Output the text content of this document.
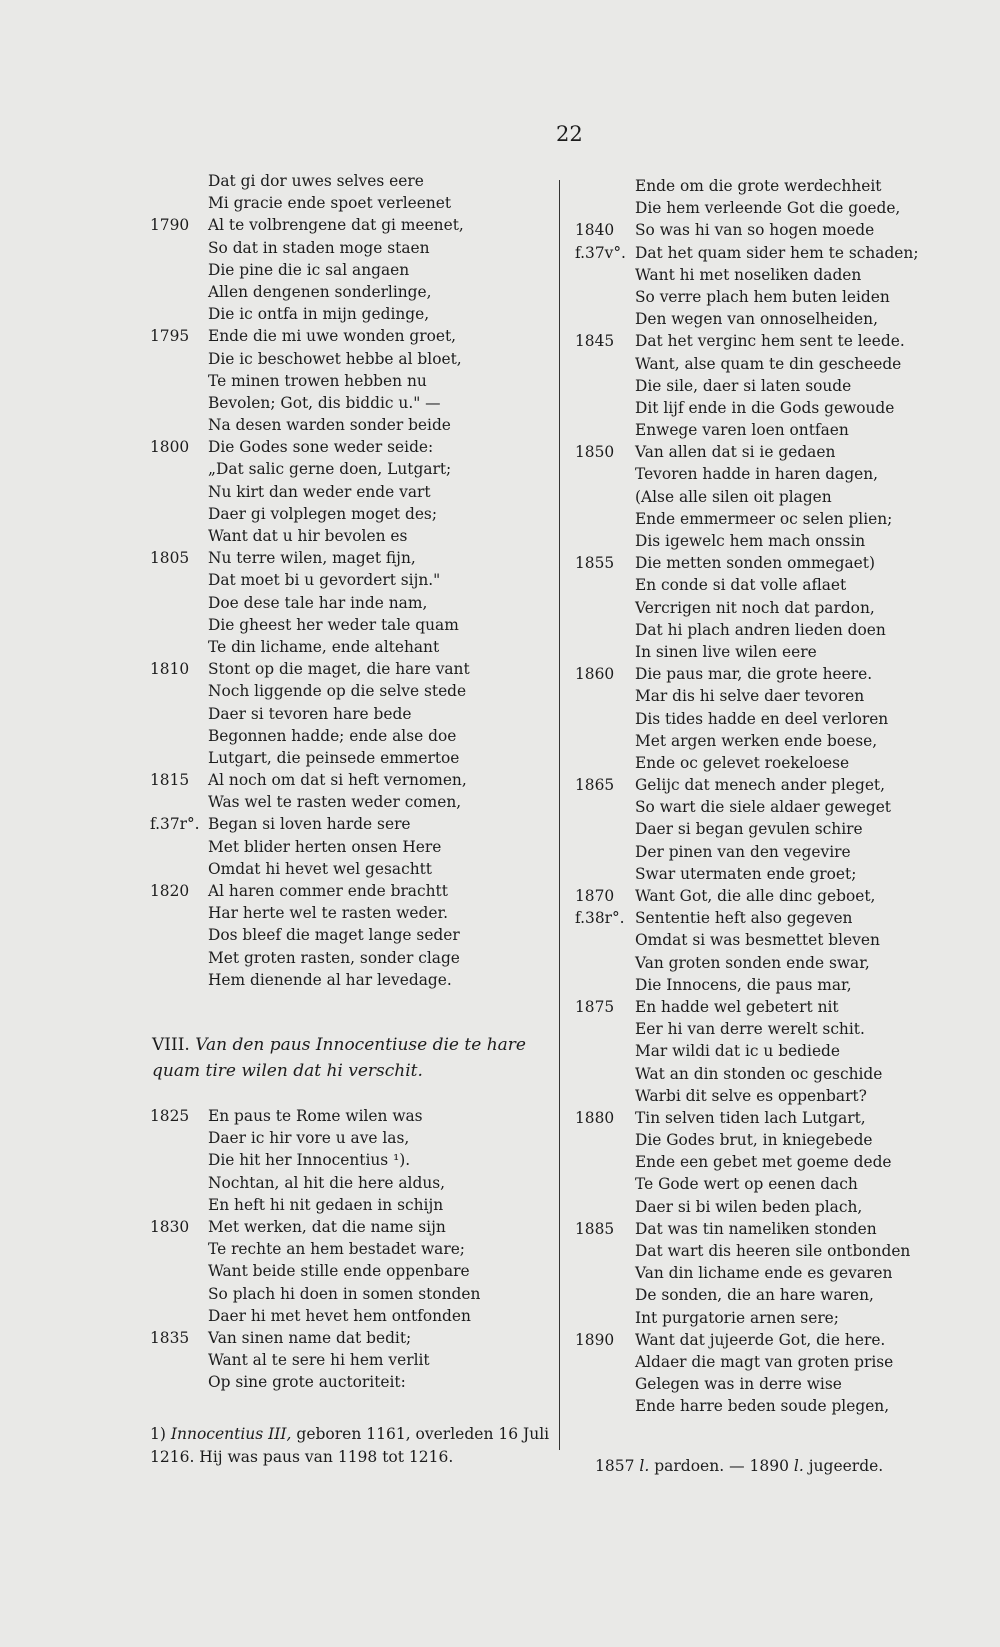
22
Dat gi dor uwes selves eere
Mi gracie ende spoet verleenet
1790	Al te volbrengene dat gi meenet,
So dat in staden moge staen
Die pine die ic sal angaen
Allen dengenen sonderlinge,
Die ic ontfa in mijn gedinge,
1795	Ende die mi uwe wonden groet,
Die ic beschowet hebbe al bloet,
Te minen trowen hebben nu
Bevolen; Got, dis biddic u." —
Na desen warden sonder beide
1800	Die Godes sone weder seide:
„Dat salic gerne doen, Lutgart;
Nu kirt dan weder ende vart
Daer gi volplegen moget des;
Want dat u hir bevolen es
1805	Nu terre wilen, maget fijn,
Dat moet bi u gevordert sijn."
Doe dese tale har inde nam,
Die gheest her weder tale quam
Te din lichame, ende altehant
1810	Stont op die maget, die hare vant
Noch liggende op die selve stede
Daer si tevoren hare bede
Begonnen hadde; ende alse doe
Lutgart, die peinsede emmertoe
1815	Al noch om dat si heft vernomen,
Was wel te rasten weder comen,
f.37r°. Began si loven harde sere
Met blider herten onsen Here
Omdat hi hevet wel gesachtt
1820	Al haren commer ende brachtt
Har herte wel te rasten weder.
Dos bleef die maget lange seder
Met groten rasten, sonder clage
Hem dienende al har levedage.
VIII. Van den paus Innocentiuse die te hare quam tire wilen dat hi verschit.
1825	En paus te Rome wilen was
Daer ic hir vore u ave las,
Die hit her Innocentius ¹).
Nochtan, al hit die here aldus,
En heft hi nit gedaen in schijn
1830	Met werken, dat die name sijn
Te rechte an hem bestadet ware;
Want beide stille ende oppenbare
So plach hi doen in somen stonden
Daer hi met hevet hem ontfonden
1835	Van sinen name dat bedit;
Want al te sere hi hem verlit
Op sine grote auctoriteit:
1) Innocentius III, geboren 1161, overleden 16 Juli 1216. Hij was paus van 1198 tot 1216.
Ende om die grote werdechheit
Die hem verleende Got die goede,
1840	So was hi van so hogen moede
f.37v°. Dat het quam sider hem te schaden;
Want hi met noseliken daden
So verre plach hem buten leiden
Den wegen van onnoselheiden,
1845	Dat het verginc hem sent te leede.
Want, alse quam te din gescheede
Die sile, daer si laten soude
Dit lijf ende in die Gods gewoude
Enwege varen loen ontfaen
1850	Van allen dat si ie gedaen
Tevoren hadde in haren dagen,
(Alse alle silen oit plagen
Ende emmermeer oc selen plien;
Dis igewelc hem mach onssin
1855	Die metten sonden ommegaet)
En conde si dat volle aflaet
Vercrigen nit noch dat pardon,
Dat hi plach andren lieden doen
In sinen live wilen eere
1860	Die paus mar, die grote heere.
Mar dis hi selve daer tevoren
Dis tides hadde en deel verloren
Met argen werken ende boese,
Ende oc gelevet roekeloese
1865	Gelijc dat menech ander pleget,
So wart die siele aldaer geweget
Daer si began gevulen schire
Der pinen van den vegevire
Swar utermaten ende groet;
1870	Want Got, die alle dinc geboet,
f.38r°. Sententie heft also gegeven
Omdat si was besmettet bleven
Van groten sonden ende swar,
Die Innocens, die paus mar,
1875	En hadde wel gebetert nit
Eer hi van derre werelt schit.
Mar wildi dat ic u bediede
Wat an din stonden oc geschide
Warbi dit selve es oppenbart?
1880	Tin selven tiden lach Lutgart,
Die Godes brut, in kniegebede
Ende een gebet met goeme dede
Te Gode wert op eenen dach
Daer si bi wilen beden plach,
1885	Dat was tin nameliken stonden
Dat wart dis heeren sile ontbonden
Van din lichame ende es gevaren
De sonden, die an hare waren,
Int purgatorie arnen sere;
1890	Want dat jujeerde Got, die here.
Aldaer die magt van groten prise
Gelegen was in derre wise
Ende harre beden soude plegen,
1857 l. pardoen. — 1890 l. jugeerde.
